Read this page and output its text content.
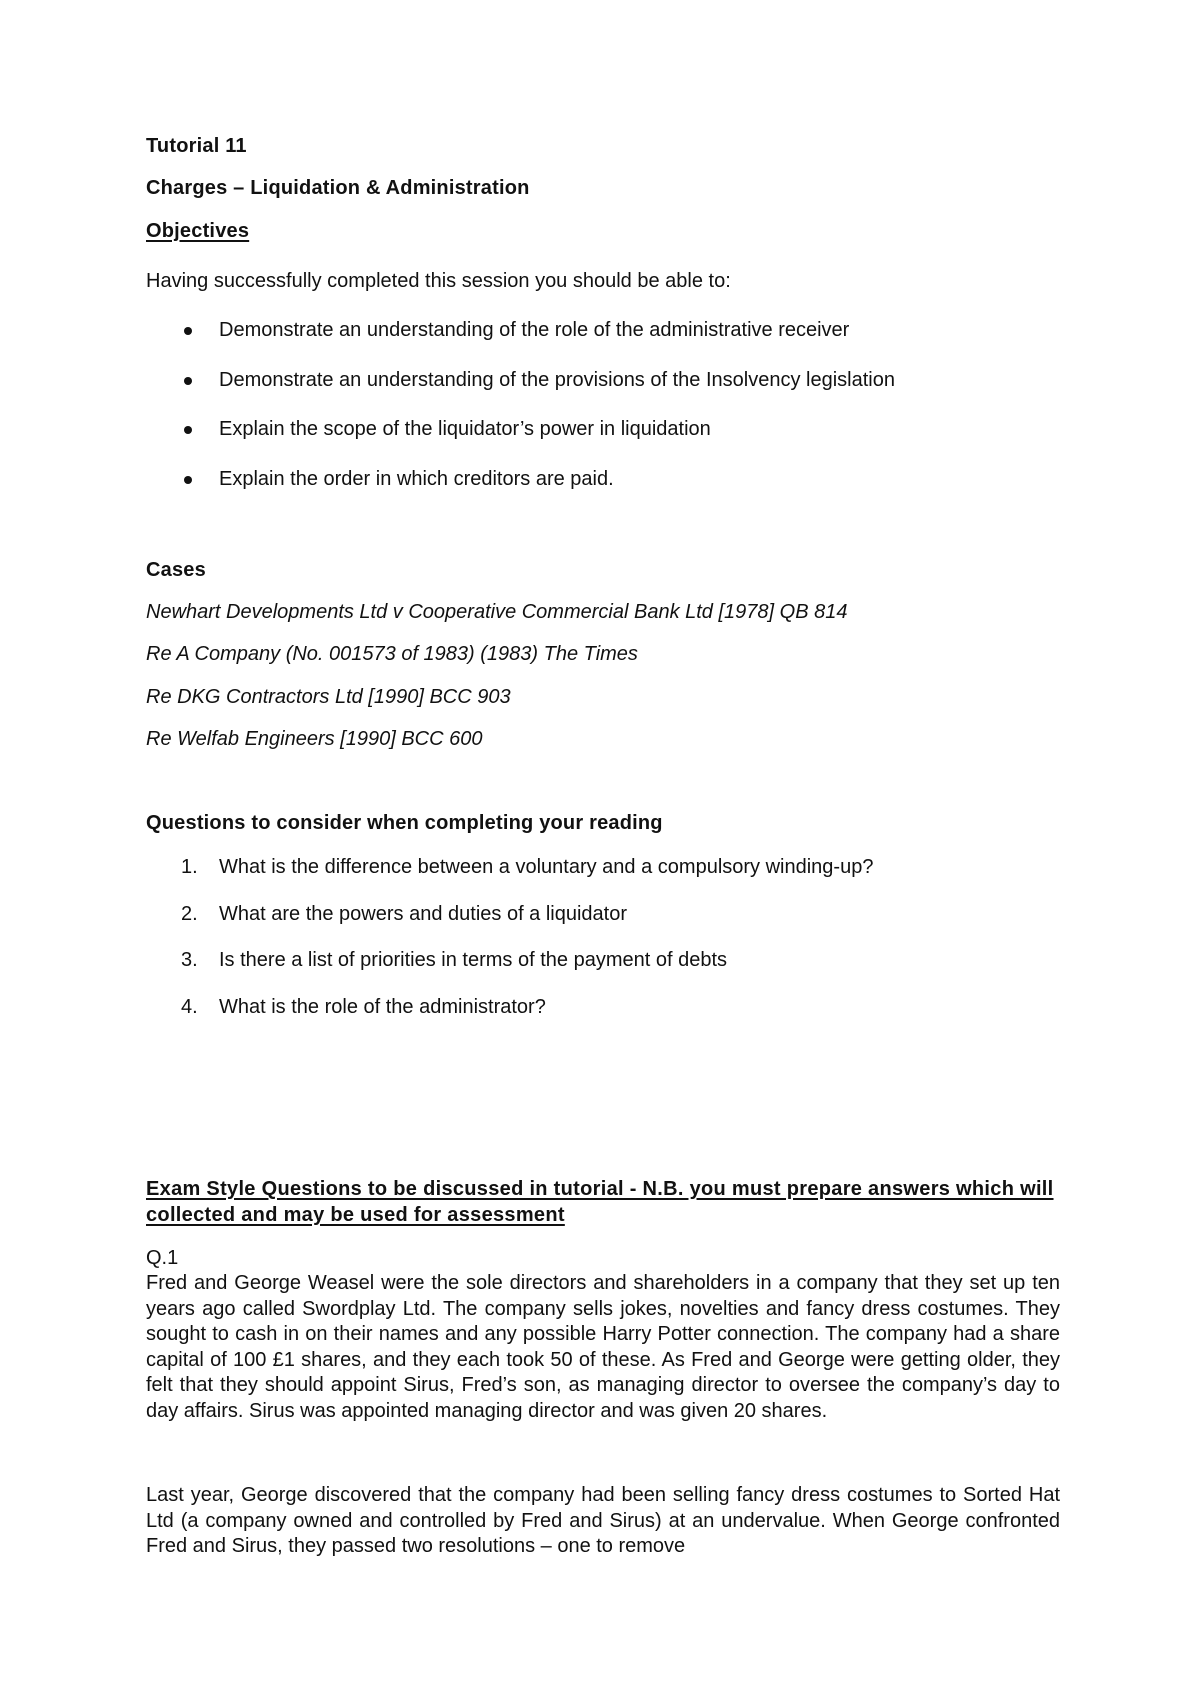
Tutorial 11
Charges – Liquidation & Administration
Objectives
Having successfully completed this session you should be able to:
Demonstrate an understanding of the role of the administrative receiver
Demonstrate an understanding of the provisions of the Insolvency legislation
Explain the scope of the liquidator’s power in liquidation
Explain the order in which creditors are paid.
Cases
Newhart Developments Ltd v Cooperative Commercial Bank Ltd [1978] QB 814
Re A Company (No. 001573 of 1983) (1983) The Times
Re DKG Contractors Ltd [1990] BCC 903
Re Welfab Engineers [1990] BCC 600
Questions to consider when completing your reading
1. What is the difference between a voluntary and a compulsory winding-up?
2. What are the powers and duties of a liquidator
3. Is there a list of priorities in terms of the payment of debts
4. What is the role of the administrator?
Exam Style Questions to be discussed in tutorial - N.B. you must prepare answers which will collected and may be used for assessment
Q.1
Fred and George Weasel were the sole directors and shareholders in a company that they set up ten years ago called Swordplay Ltd. The company sells jokes, novelties and fancy dress costumes. They sought to cash in on their names and any possible Harry Potter connection. The company had a share capital of 100 £1 shares, and they each took 50 of these. As Fred and George were getting older, they felt that they should appoint Sirus, Fred’s son, as managing director to oversee the company’s day to day affairs. Sirus was appointed managing director and was given 20 shares.
Last year, George discovered that the company had been selling fancy dress costumes to Sorted Hat Ltd (a company owned and controlled by Fred and Sirus) at an undervalue. When George confronted Fred and Sirus, they passed two resolutions – one to remove
